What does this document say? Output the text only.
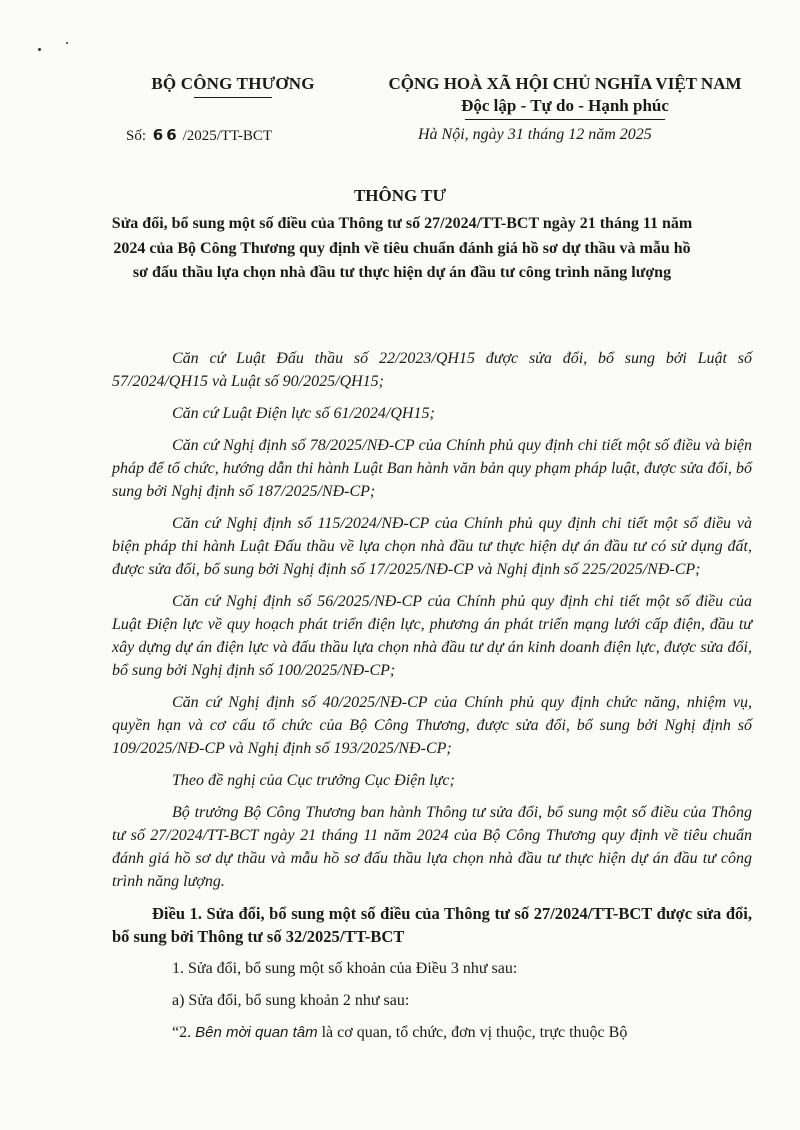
BỘ CÔNG THƯƠNG	CỘNG HOÀ XÃ HỘI CHỦ NGHĨA VIỆT NAM
Độc lập - Tự do - Hạnh phúc
Số: 66 /2025/TT-BCT	Hà Nội, ngày 31 tháng 12 năm 2025
THÔNG TƯ
Sửa đổi, bổ sung một số điều của Thông tư số 27/2024/TT-BCT ngày 21 tháng 11 năm 2024 của Bộ Công Thương quy định về tiêu chuẩn đánh giá hồ sơ dự thầu và mẫu hồ sơ đấu thầu lựa chọn nhà đầu tư thực hiện dự án đầu tư công trình năng lượng

Căn cứ Luật Đấu thầu số 22/2023/QH15 được sửa đổi, bổ sung bởi Luật số 57/2024/QH15 và Luật số 90/2025/QH15;

Căn cứ Luật Điện lực số 61/2024/QH15;

Căn cứ Nghị định số 78/2025/NĐ-CP của Chính phủ quy định chi tiết một số điều và biện pháp để tổ chức, hướng dẫn thi hành Luật Ban hành văn bản quy phạm pháp luật, được sửa đổi, bổ sung bởi Nghị định số 187/2025/NĐ-CP;

Căn cứ Nghị định số 115/2024/NĐ-CP của Chính phủ quy định chi tiết một số điều và biện pháp thi hành Luật Đấu thầu về lựa chọn nhà đầu tư thực hiện dự án đầu tư có sử dụng đất, được sửa đổi, bổ sung bởi Nghị định số 17/2025/NĐ-CP và Nghị định số 225/2025/NĐ-CP;

Căn cứ Nghị định số 56/2025/NĐ-CP của Chính phủ quy định chi tiết một số điều của Luật Điện lực về quy hoạch phát triển điện lực, phương án phát triển mạng lưới cấp điện, đầu tư xây dựng dự án điện lực và đấu thầu lựa chọn nhà đầu tư dự án kinh doanh điện lực, được sửa đổi, bổ sung bởi Nghị định số 100/2025/NĐ-CP;

Căn cứ Nghị định số 40/2025/NĐ-CP của Chính phủ quy định chức năng, nhiệm vụ, quyền hạn và cơ cấu tổ chức của Bộ Công Thương, được sửa đổi, bổ sung bởi Nghị định số 109/2025/NĐ-CP và Nghị định số 193/2025/NĐ-CP;

Theo đề nghị của Cục trưởng Cục Điện lực;

Bộ trưởng Bộ Công Thương ban hành Thông tư sửa đổi, bổ sung một số điều của Thông tư số 27/2024/TT-BCT ngày 21 tháng 11 năm 2024 của Bộ Công Thương quy định về tiêu chuẩn đánh giá hồ sơ dự thầu và mẫu hồ sơ đấu thầu lựa chọn nhà đầu tư thực hiện dự án đầu tư công trình năng lượng.

Điều 1. Sửa đổi, bổ sung một số điều của Thông tư số 27/2024/TT-BCT được sửa đổi, bổ sung bởi Thông tư số 32/2025/TT-BCT

1. Sửa đổi, bổ sung một số khoản của Điều 3 như sau:

a) Sửa đổi, bổ sung khoản 2 như sau:

“2. Bên mời quan tâm là cơ quan, tổ chức, đơn vị thuộc, trực thuộc Bộ
